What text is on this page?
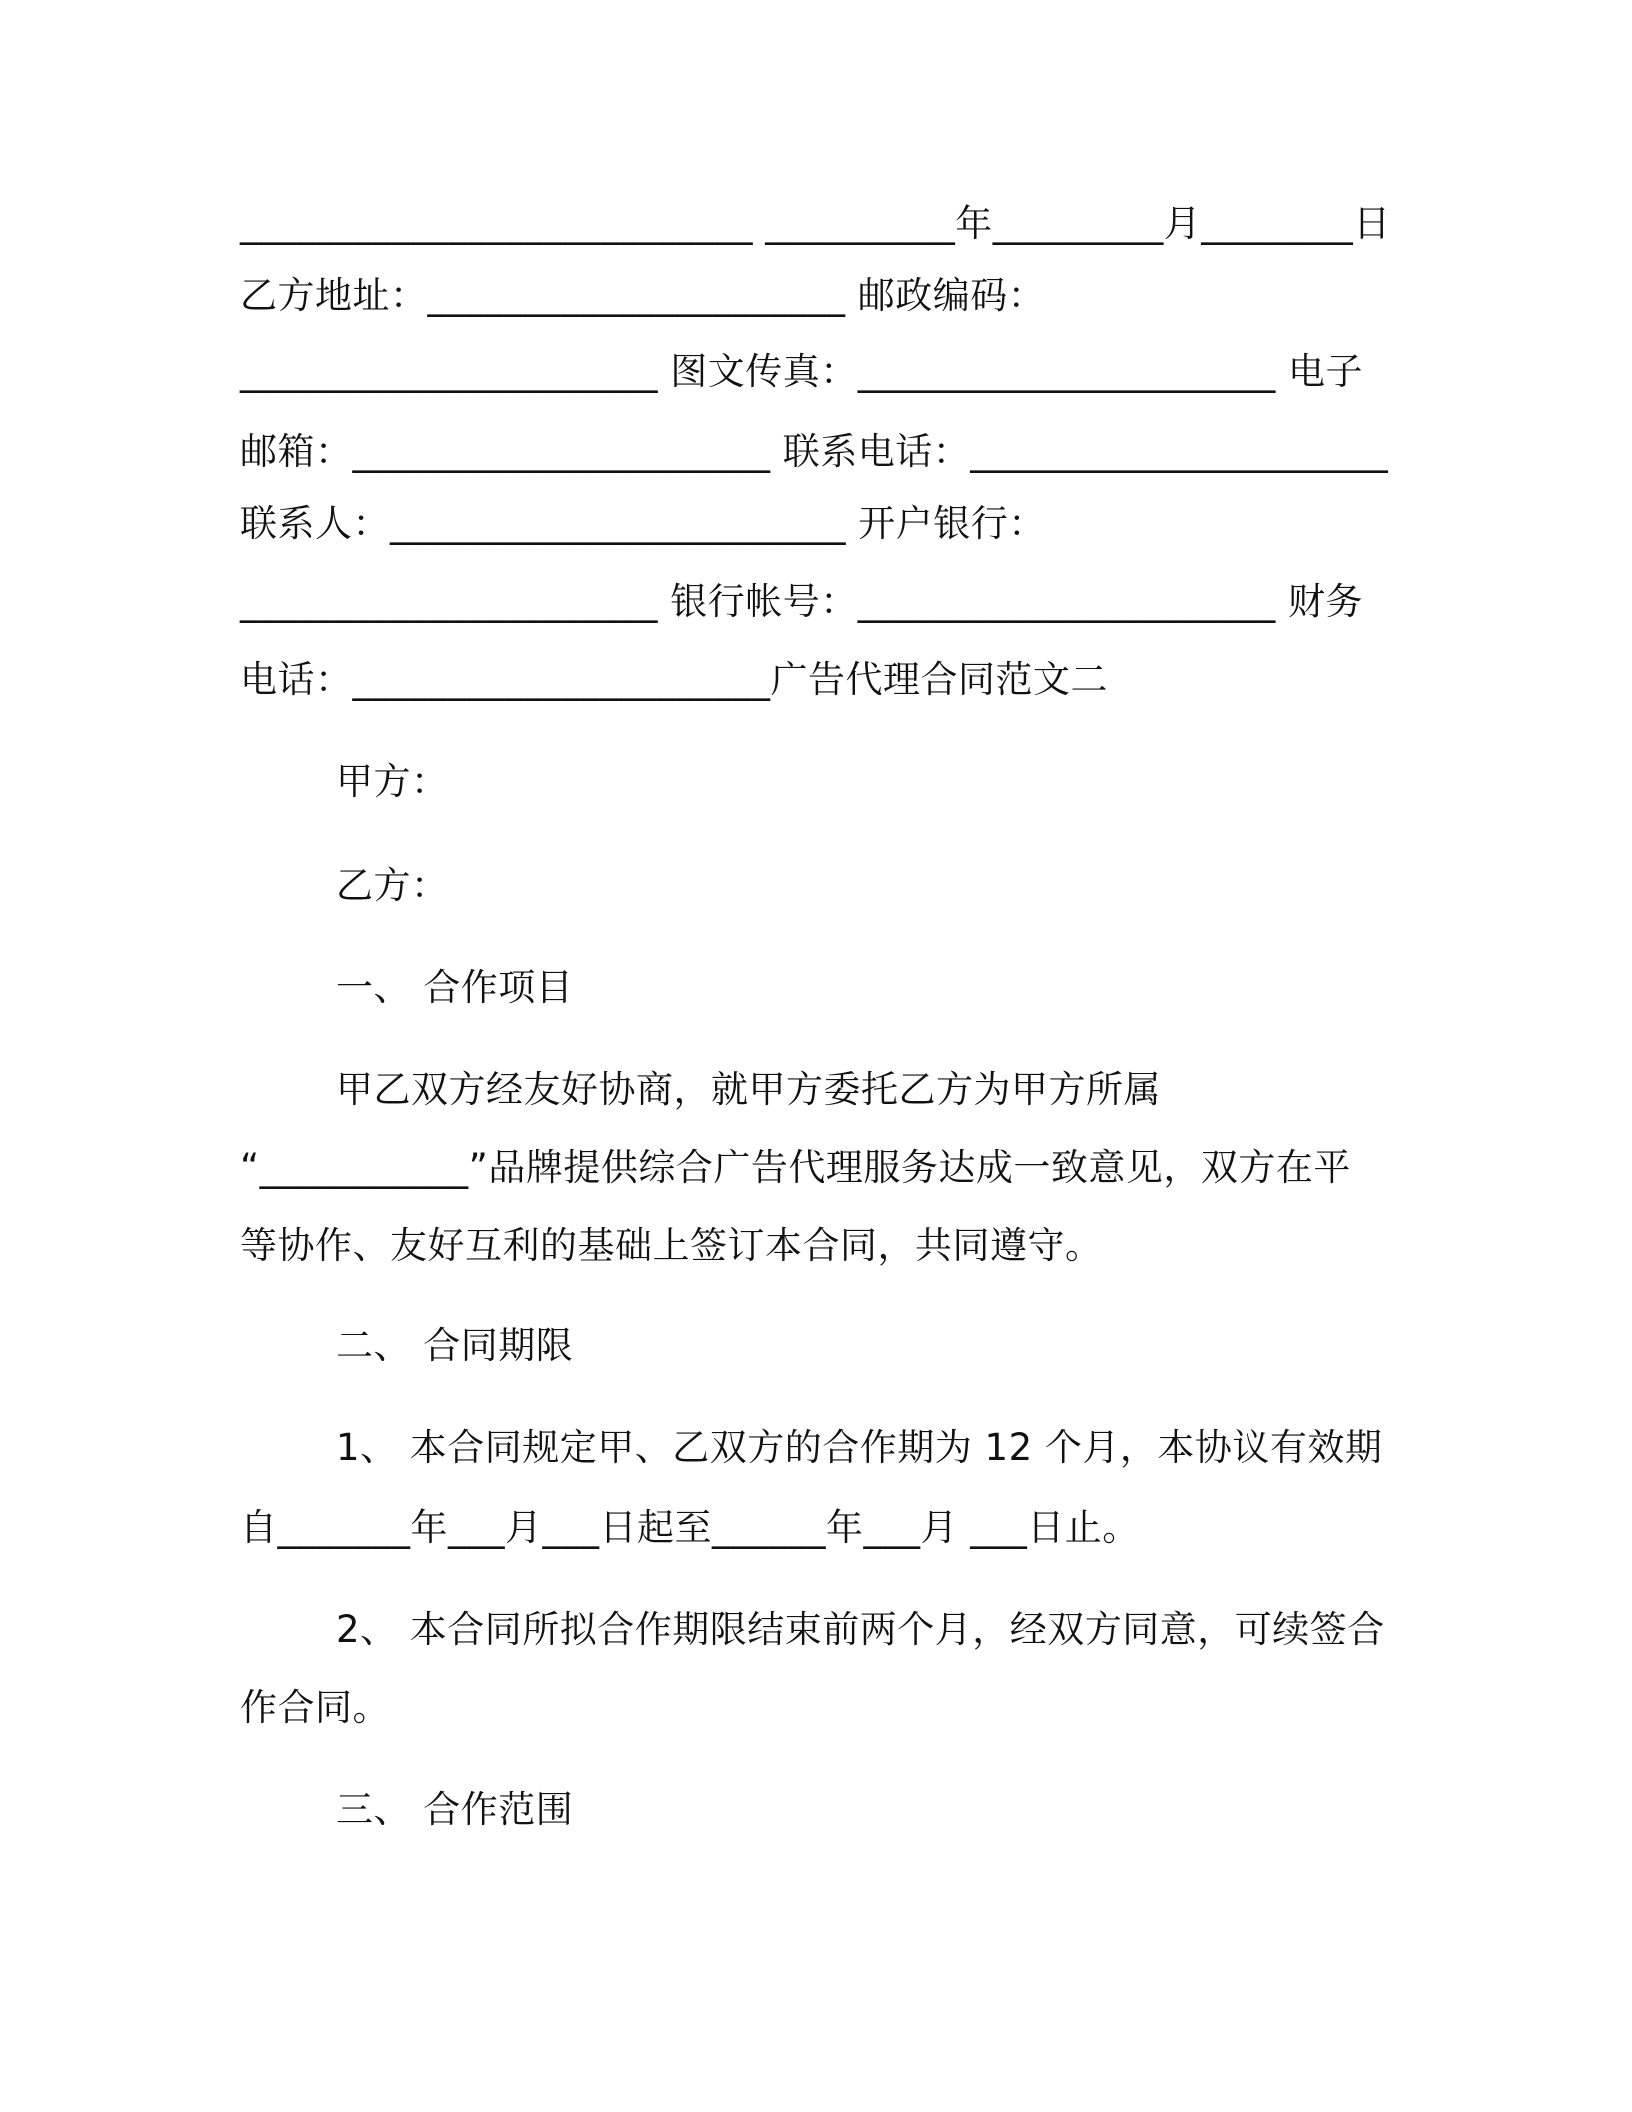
___________________________ __________年_________月________日
乙方地址：______________________ 邮政编码：
______________________ 图文传真：______________________ 电子
邮箱：______________________ 联系电话：______________________
联系人：________________________ 开户银行：
______________________ 银行帐号：______________________ 财务
电话：______________________广告代理合同范文二
甲方：
乙方：
一、 合作项目
甲乙双方经友好协商，就甲方委托乙方为甲方所属
“___________”品牌提供综合广告代理服务达成一致意见，双方在平
等协作、友好互利的基础上签订本合同，共同遵守。
二、 合同期限
1、 本合同规定甲、乙双方的合作期为 12 个月，本协议有效期
自_______年___月___日起至______年___月 ___日止。
2、 本合同所拟合作期限结束前两个月，经双方同意，可续签合
作合同。
三、 合作范围
